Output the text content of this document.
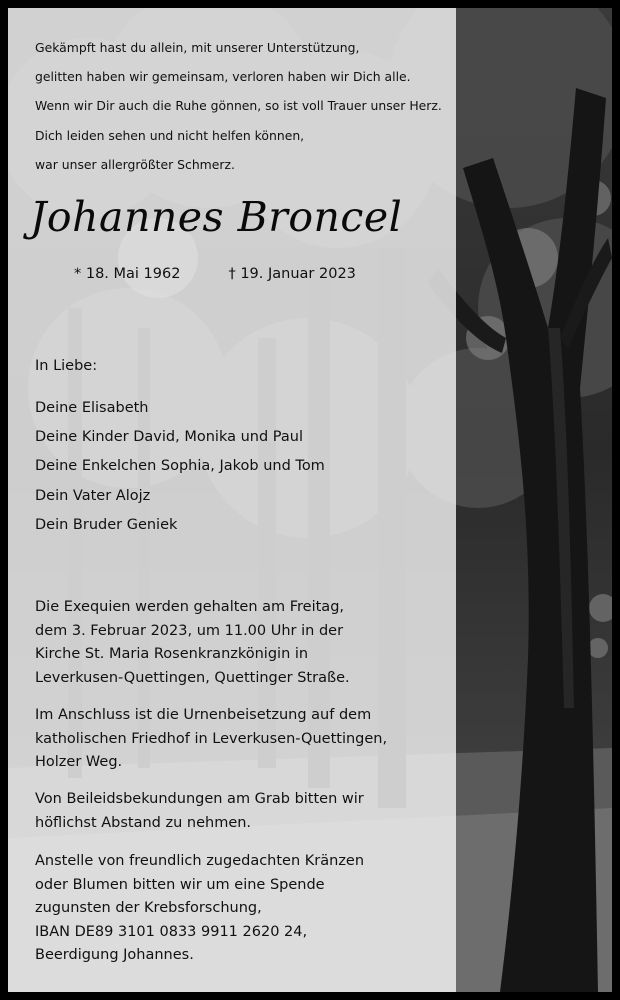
Gekämpft hast du allein, mit unserer Unterstützung,
gelitten haben wir gemeinsam, verloren haben wir Dich alle.
Wenn wir Dir auch die Ruhe gönnen, so ist voll Trauer unser Herz.
Dich leiden sehen und nicht helfen können,
war unser allergrößter Schmerz.
Johannes Broncel
* 18. Mai 1962	† 19. Januar 2023
In Liebe:
Deine Elisabeth
Deine Kinder David, Monika und Paul
Deine Enkelchen Sophia, Jakob und Tom
Dein Vater Alojz
Dein Bruder Geniek
Die Exequien werden gehalten am Freitag,
dem 3. Februar 2023, um 11.00 Uhr in der
Kirche St. Maria Rosenkranzkönigin in
Leverkusen-Quettingen, Quettinger Straße.
Im Anschluss ist die Urnenbeisetzung auf dem
katholischen Friedhof in Leverkusen-Quettingen,
Holzer Weg.
Von Beileidsbekundungen am Grab bitten wir
höflichst Abstand zu nehmen.
Anstelle von freundlich zugedachten Kränzen
oder Blumen bitten wir um eine Spende
zugunsten der Krebsforschung,
IBAN DE89 3101 0833 9911 2620 24,
Beerdigung Johannes.
